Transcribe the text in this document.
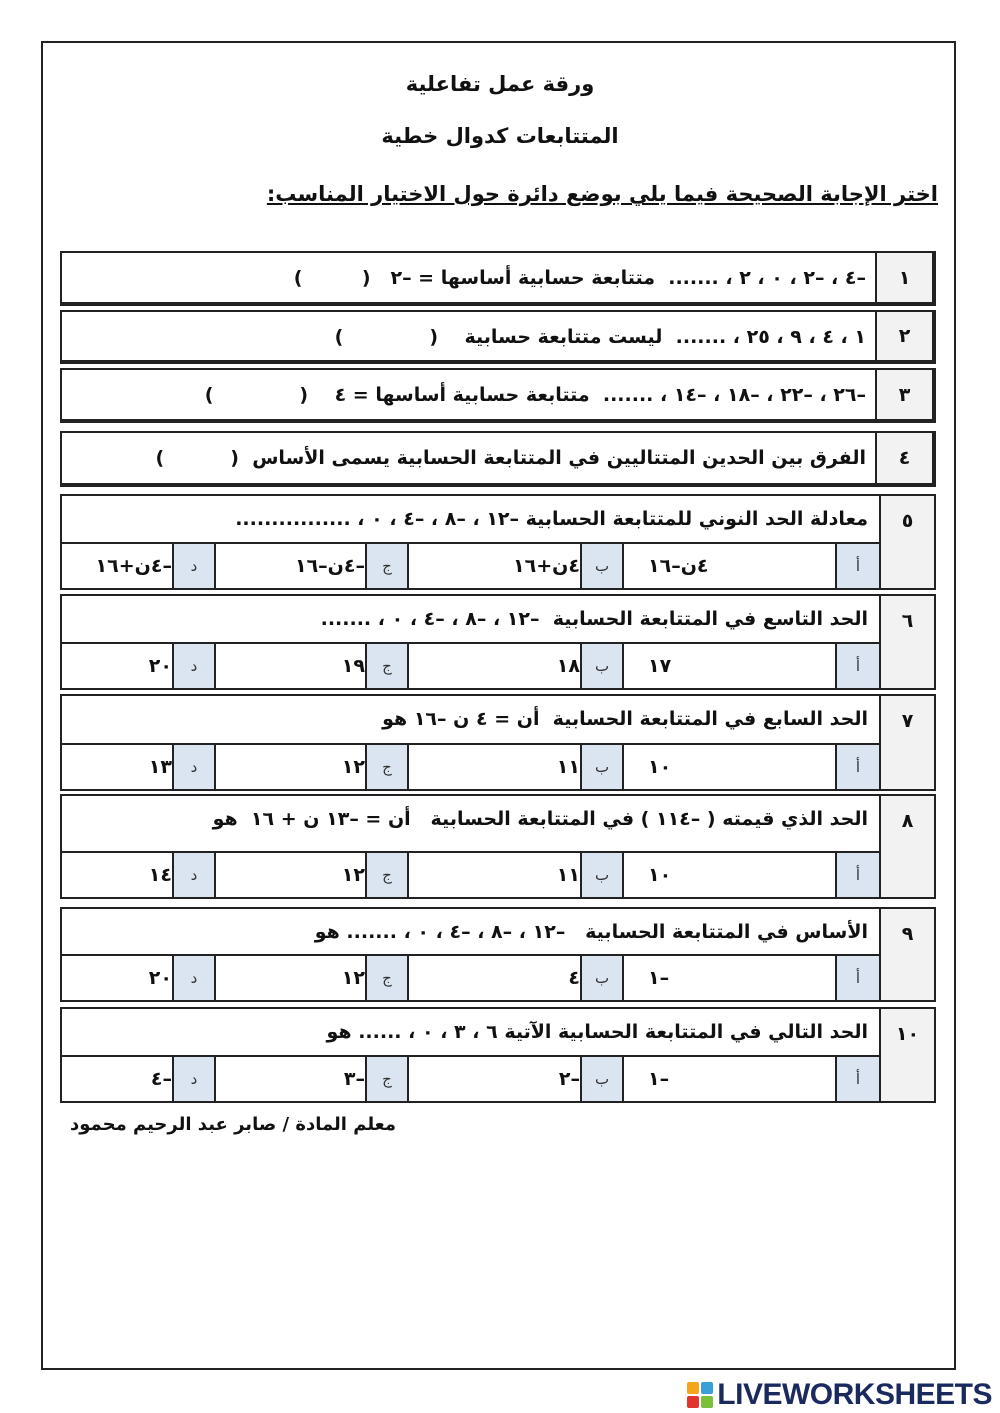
ورقة عمل تفاعلية
المتتابعات كدوال خطية
اختر الإجابة الصحيحة فيما يلي بوضع دائرة حول الاختيار المناسب:
١
–٤ ، –٢ ، ٠ ، ٢ ، .......  متتابعة حسابية أساسها = –٢   (         )
٢
١ ، ٤ ، ٩ ، ٢٥ ، .......  ليست متتابعة حسابية    (             )
٣
–٢٦ ، –٢٢ ، –١٨ ، –١٤ ، .......  متتابعة حسابية أساسها = ٤    (             )
٤
الفرق بين الحدين المتتاليين في المتتابعة الحسابية يسمى الأساس  (          )
٥
معادلة الحد النوني للمتتابعة الحسابية –١٢ ، –٨ ، –٤ ، ٠ ، ................
أ
٤ن–١٦
ب
٤ن+١٦
ج
–٤ن–١٦
د
–٤ن+١٦
٦
الحد التاسع في المتتابعة الحسابية  –١٢ ، –٨ ، –٤ ، ٠ ، .......
أ
١٧
ب
١٨
ج
١٩
د
٢٠
٧
الحد السابع في المتتابعة الحسابية  أن = ٤ ن –١٦ هو
أ
١٠
ب
١١
ج
١٢
د
١٣
٨
الحد الذي قيمته ( –١١٤ ) في المتتابعة الحسابية   أن = –١٣ ن + ١٦  هو
أ
١٠
ب
١١
ج
١٢
د
١٤
٩
الأساس في المتتابعة الحسابية   –١٢ ، –٨ ، –٤ ، ٠ ، ....... هو
أ
–١
ب
٤
ج
١٢
د
٢٠
١٠
الحد التالي في المتتابعة الحسابية الآتية ٦ ، ٣ ، ٠ ، ...... هو
أ
–١
ب
–٢
ج
–٣
د
–٤
معلم المادة / صابر عبد الرحيم محمود
LIVEWORKSHEETS
